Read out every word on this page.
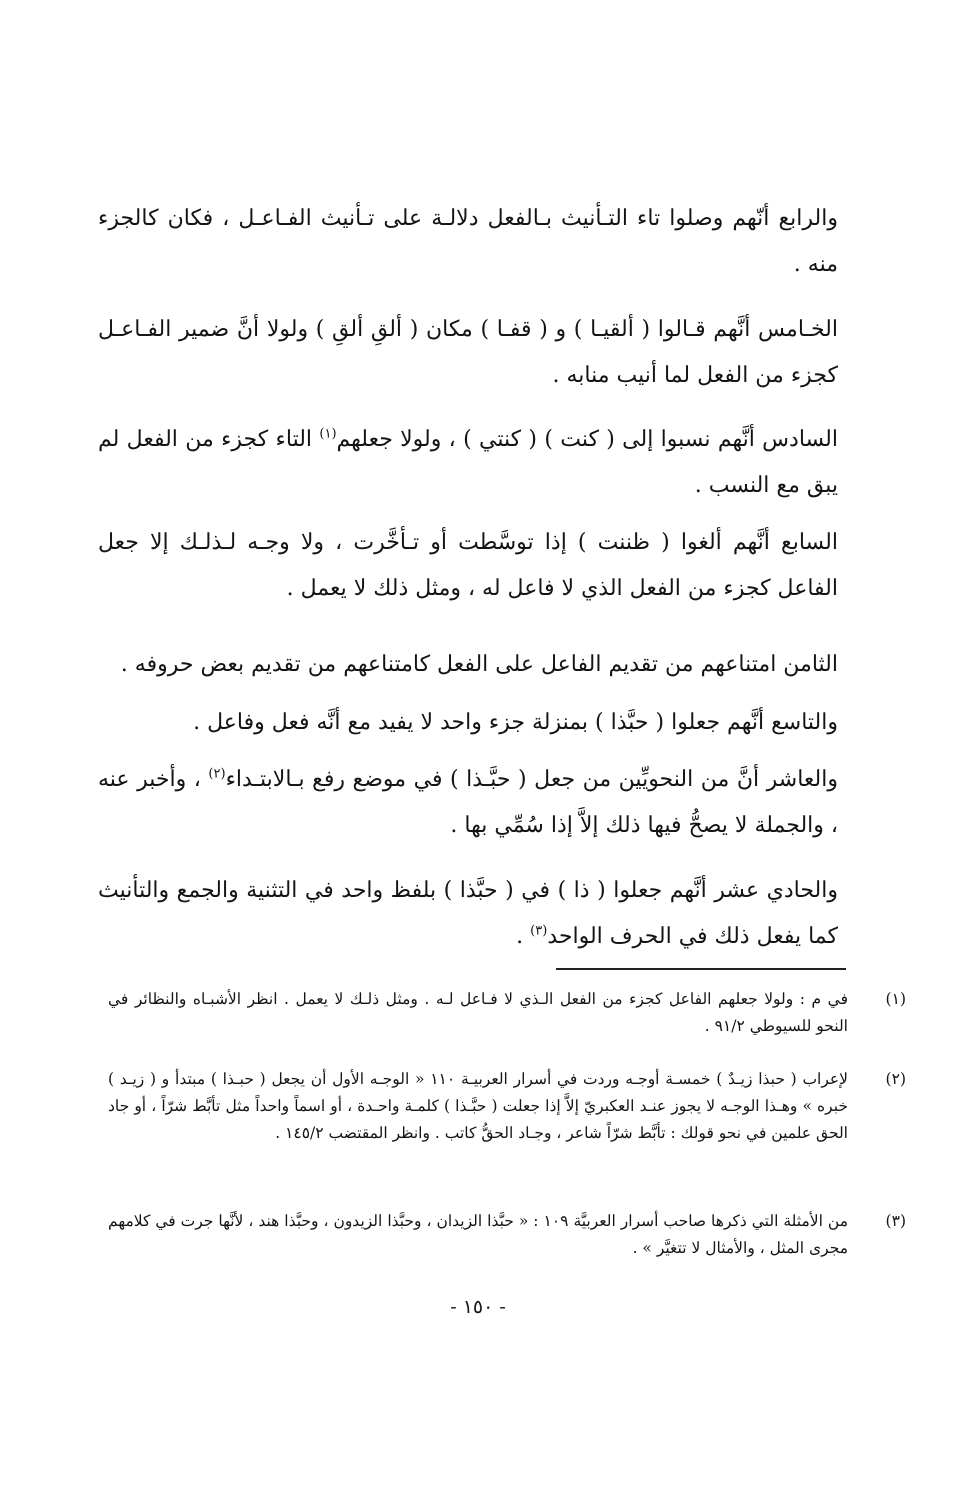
والرابع أنّهم وصلوا تاء التـأنيث بـالفعل دلالـة على تـأنيث الفـاعـل ، فكان كالجزء منه .

الخـامس أنَّهم قـالوا ( ألقيـا ) و ( قفـا ) مكان ( ألقِ ألقِ ) ولولا أنَّ ضمير الفـاعـل كجزء من الفعل لما أنيب منابه .

السادس أنَّهم نسبوا إلى ( كنت ) ( كنتي ) ، ولولا جعلهم$^{(١)}$ التاء كجزء من الفعل لم يبق مع النسب .

السابع أنَّهم ألغوا ( ظننت ) إذا توسَّطت أو تـأخَّرت ، ولا وجـه لـذلـك إلا جعل الفاعل كجزء من الفعل الذي لا فاعل له ، ومثل ذلك لا يعمل .

الثامن امتناعهم من تقديم الفاعل على الفعل كامتناعهم من تقديم بعض حروفه .

والتاسع أنَّهم جعلوا ( حبَّذا ) بمنزلة جزء واحد لا يفيد مع أنَّه فعل وفاعل .

والعاشر أنَّ من النحويِّين من جعل ( حبَّـذا ) في موضع رفع بـالابتـداء$^{(٢)}$ ، وأخبر عنه ، والجملة لا يصحُّ فيها ذلك إلاَّ إذا سُمِّي بها .

والحادي عشر أنَّهم جعلوا ( ذا ) في ( حبَّذا ) بلفظ واحد في التثنية والجمع والتأنيث كما يفعل ذلك في الحرف الواحد$^{(٣)}$ .

(١)
في م : ولولا جعلهم الفاعل كجزء من الفعل الـذي لا فـاعل لـه . ومثل ذلـك لا يعمل . انظر الأشبـاه والنظائر في النحو للسيوطي ٩١/٢ .
(٢)
لإعراب ( حبذا زيـدٌ ) خمسـة أوجـه وردت في أسرار العربيـة ١١٠ « الوجـه الأول أن يجعل ( حبـذا ) مبتدأ و ( زيـد ) خبره » وهـذا الوجـه لا يجوز عنـد العكبريّ إلاَّ إذا جعلت ( حبَّـذا ) كلمـة واحـدة ، أو اسماً واحداً مثل تأبَّط شرّاً ، أو جاد الحق علمين في نحو قولك : تأبَّط شرّاً شاعر ، وجـاد الحقُّ كاتب . وانظر المقتضب ١٤٥/٢ .
(٣)
من الأمثلة التي ذكرها صاحب أسرار العربيَّة ١٠٩ : « حبَّذا الزيدان ، وحبَّذا الزيدون ، وحبَّذا هند ، لأنَّها جرت في كلامهم مجرى المثل ، والأمثال لا تتغيَّر » .
- ١٥٠ -
